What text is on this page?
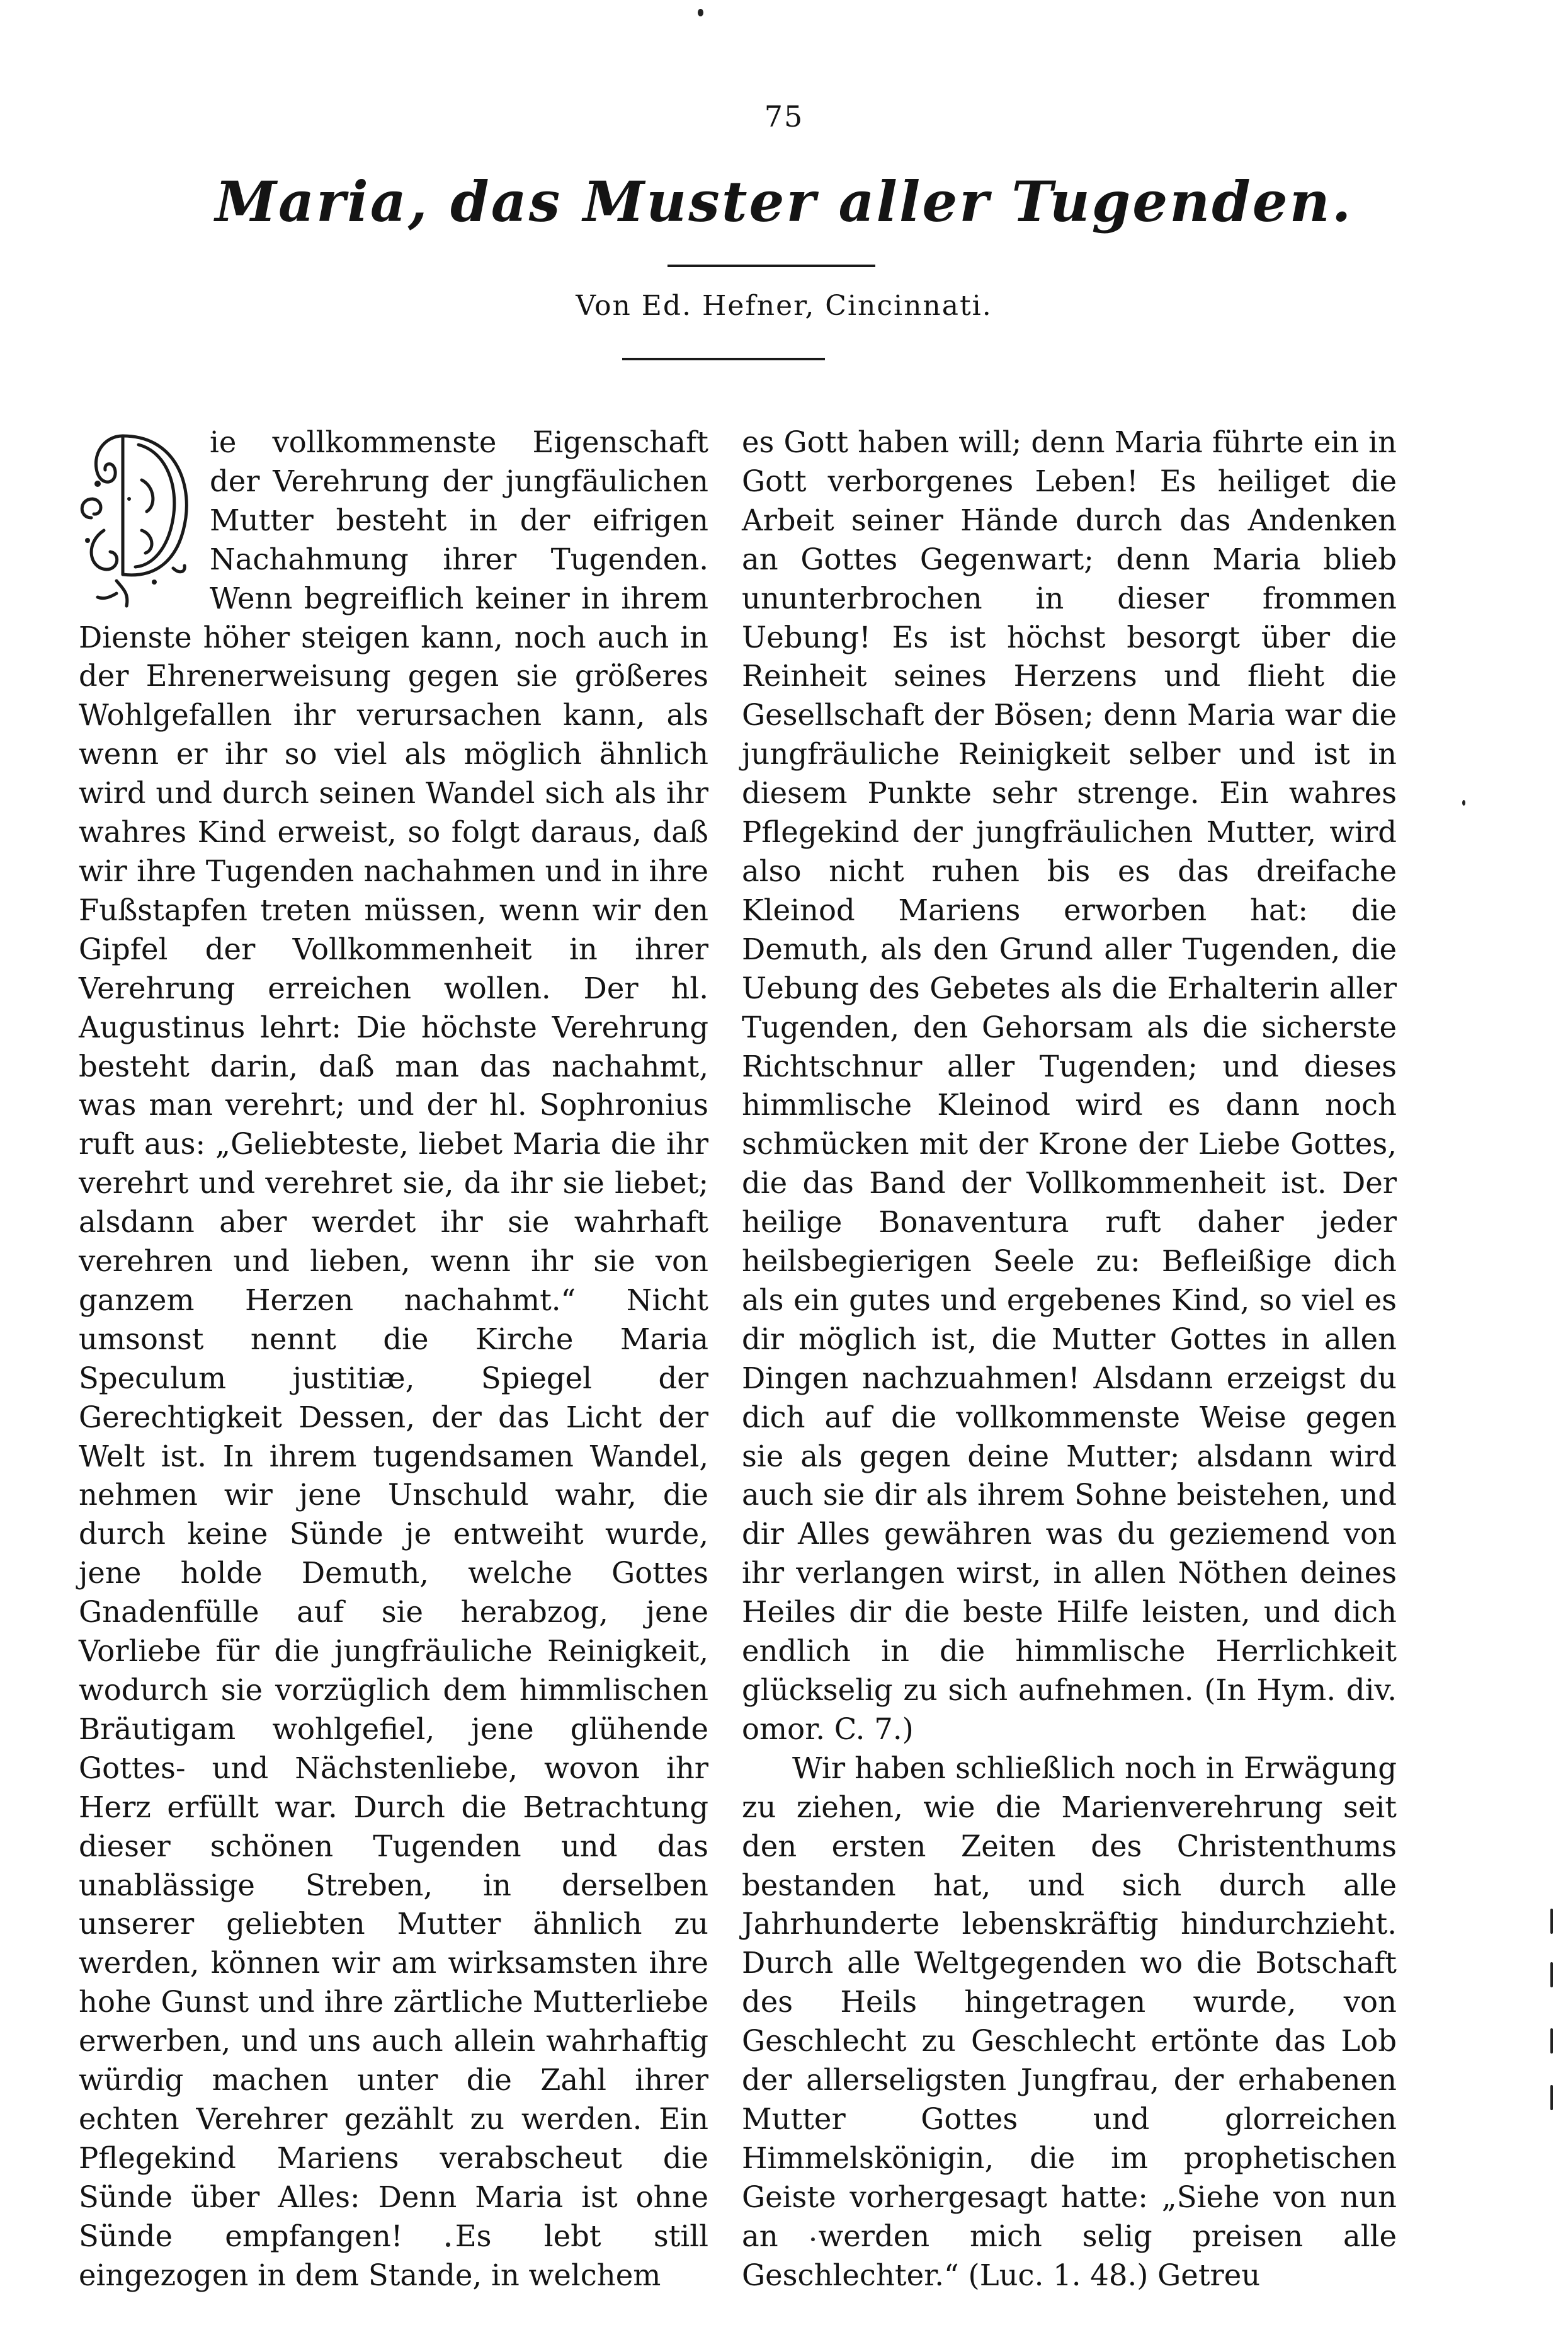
75
Maria, das Muster aller Tugenden.
Von Ed. Hefner, Cincinnati.

ie vollkommenste Eigenschaft der Verehrung der jungfäulichen Mutter besteht in der eifrigen Nachahmung ihrer Tugenden. Wenn begreiflich keiner in ihrem Dienste höher steigen kann, noch auch in der Ehrenerweisung gegen sie größeres Wohlgefallen ihr verursachen kann, als wenn er ihr so viel als möglich ähnlich wird und durch seinen Wandel sich als ihr wahres Kind erweist, so folgt daraus, daß wir ihre Tugenden nachahmen und in ihre Fußstapfen treten müssen, wenn wir den Gipfel der Vollkommenheit in ihrer Verehrung erreichen wollen. Der hl. Augustinus lehrt: Die höchste Verehrung besteht darin, daß man das nachahmt, was man verehrt; und der hl. Sophronius ruft aus: „Geliebteste, liebet Maria die ihr verehrt und verehret sie, da ihr sie liebet; alsdann aber werdet ihr sie wahrhaft verehren und lieben, wenn ihr sie von ganzem Herzen nachahmt.“ Nicht umsonst nennt die Kirche Maria Speculum justitiæ, Spiegel der Gerechtigkeit Dessen, der das Licht der Welt ist. In ihrem tugendsamen Wandel, nehmen wir jene Unschuld wahr, die durch keine Sünde je entweiht wurde, jene holde Demuth, welche Gottes Gnadenfülle auf sie herabzog, jene Vorliebe für die jungfräuliche Reinigkeit, wodurch sie vorzüglich dem himmlischen Bräutigam wohlgefiel, jene glühende Gottes- und Nächstenliebe, wovon ihr Herz erfüllt war. Durch die Betrachtung dieser schönen Tugenden und das unablässige Streben, in derselben unserer geliebten Mutter ähnlich zu werden, können wir am wirksamsten ihre hohe Gunst und ihre zärtliche Mutterliebe erwerben, und uns auch allein wahrhaftig würdig machen unter die Zahl ihrer echten Verehrer gezählt zu werden. Ein Pflegekind Mariens verabscheut die Sünde über Alles: Denn Maria ist ohne Sünde empfangen! Es lebt still eingezogen in dem Stande, in welchem

es Gott haben will; denn Maria führte ein in Gott verborgenes Leben! Es heiliget die Arbeit seiner Hände durch das Andenken an Gottes Gegenwart; denn Maria blieb ununterbrochen in dieser frommen Uebung! Es ist höchst besorgt über die Reinheit seines Herzens und flieht die Gesellschaft der Bösen; denn Maria war die jungfräuliche Reinigkeit selber und ist in diesem Punkte sehr strenge. Ein wahres Pflegekind der jungfräulichen Mutter, wird also nicht ruhen bis es das dreifache Kleinod Mariens erworben hat: die Demuth, als den Grund aller Tugenden, die Uebung des Gebetes als die Erhalterin aller Tugenden, den Gehorsam als die sicherste Richtschnur aller Tugenden; und dieses himmlische Kleinod wird es dann noch schmücken mit der Krone der Liebe Gottes, die das Band der Vollkommenheit ist. Der heilige Bonaventura ruft daher jeder heilsbegierigen Seele zu: Befleißige dich als ein gutes und ergebenes Kind, so viel es dir möglich ist, die Mutter Gottes in allen Dingen nachzuahmen! Alsdann erzeigst du dich auf die vollkommenste Weise gegen sie als gegen deine Mutter; alsdann wird auch sie dir als ihrem Sohne beistehen, und dir Alles gewähren was du geziemend von ihr verlangen wirst, in allen Nöthen deines Heiles dir die beste Hilfe leisten, und dich endlich in die himmlische Herrlichkeit glückselig zu sich aufnehmen. (In Hym. div. omor. C. 7.)

Wir haben schließlich noch in Erwägung zu ziehen, wie die Marienverehrung seit den ersten Zeiten des Christenthums bestanden hat, und sich durch alle Jahrhunderte lebenskräftig hindurchzieht. Durch alle Weltgegenden wo die Botschaft des Heils hingetragen wurde, von Geschlecht zu Geschlecht ertönte das Lob der allerseligsten Jungfrau, der erhabenen Mutter Gottes und glorreichen Himmelskönigin, die im prophetischen Geiste vorhergesagt hatte: „Siehe von nun an werden mich selig preisen alle Geschlechter.“ (Luc. 1. 48.) Getreu
